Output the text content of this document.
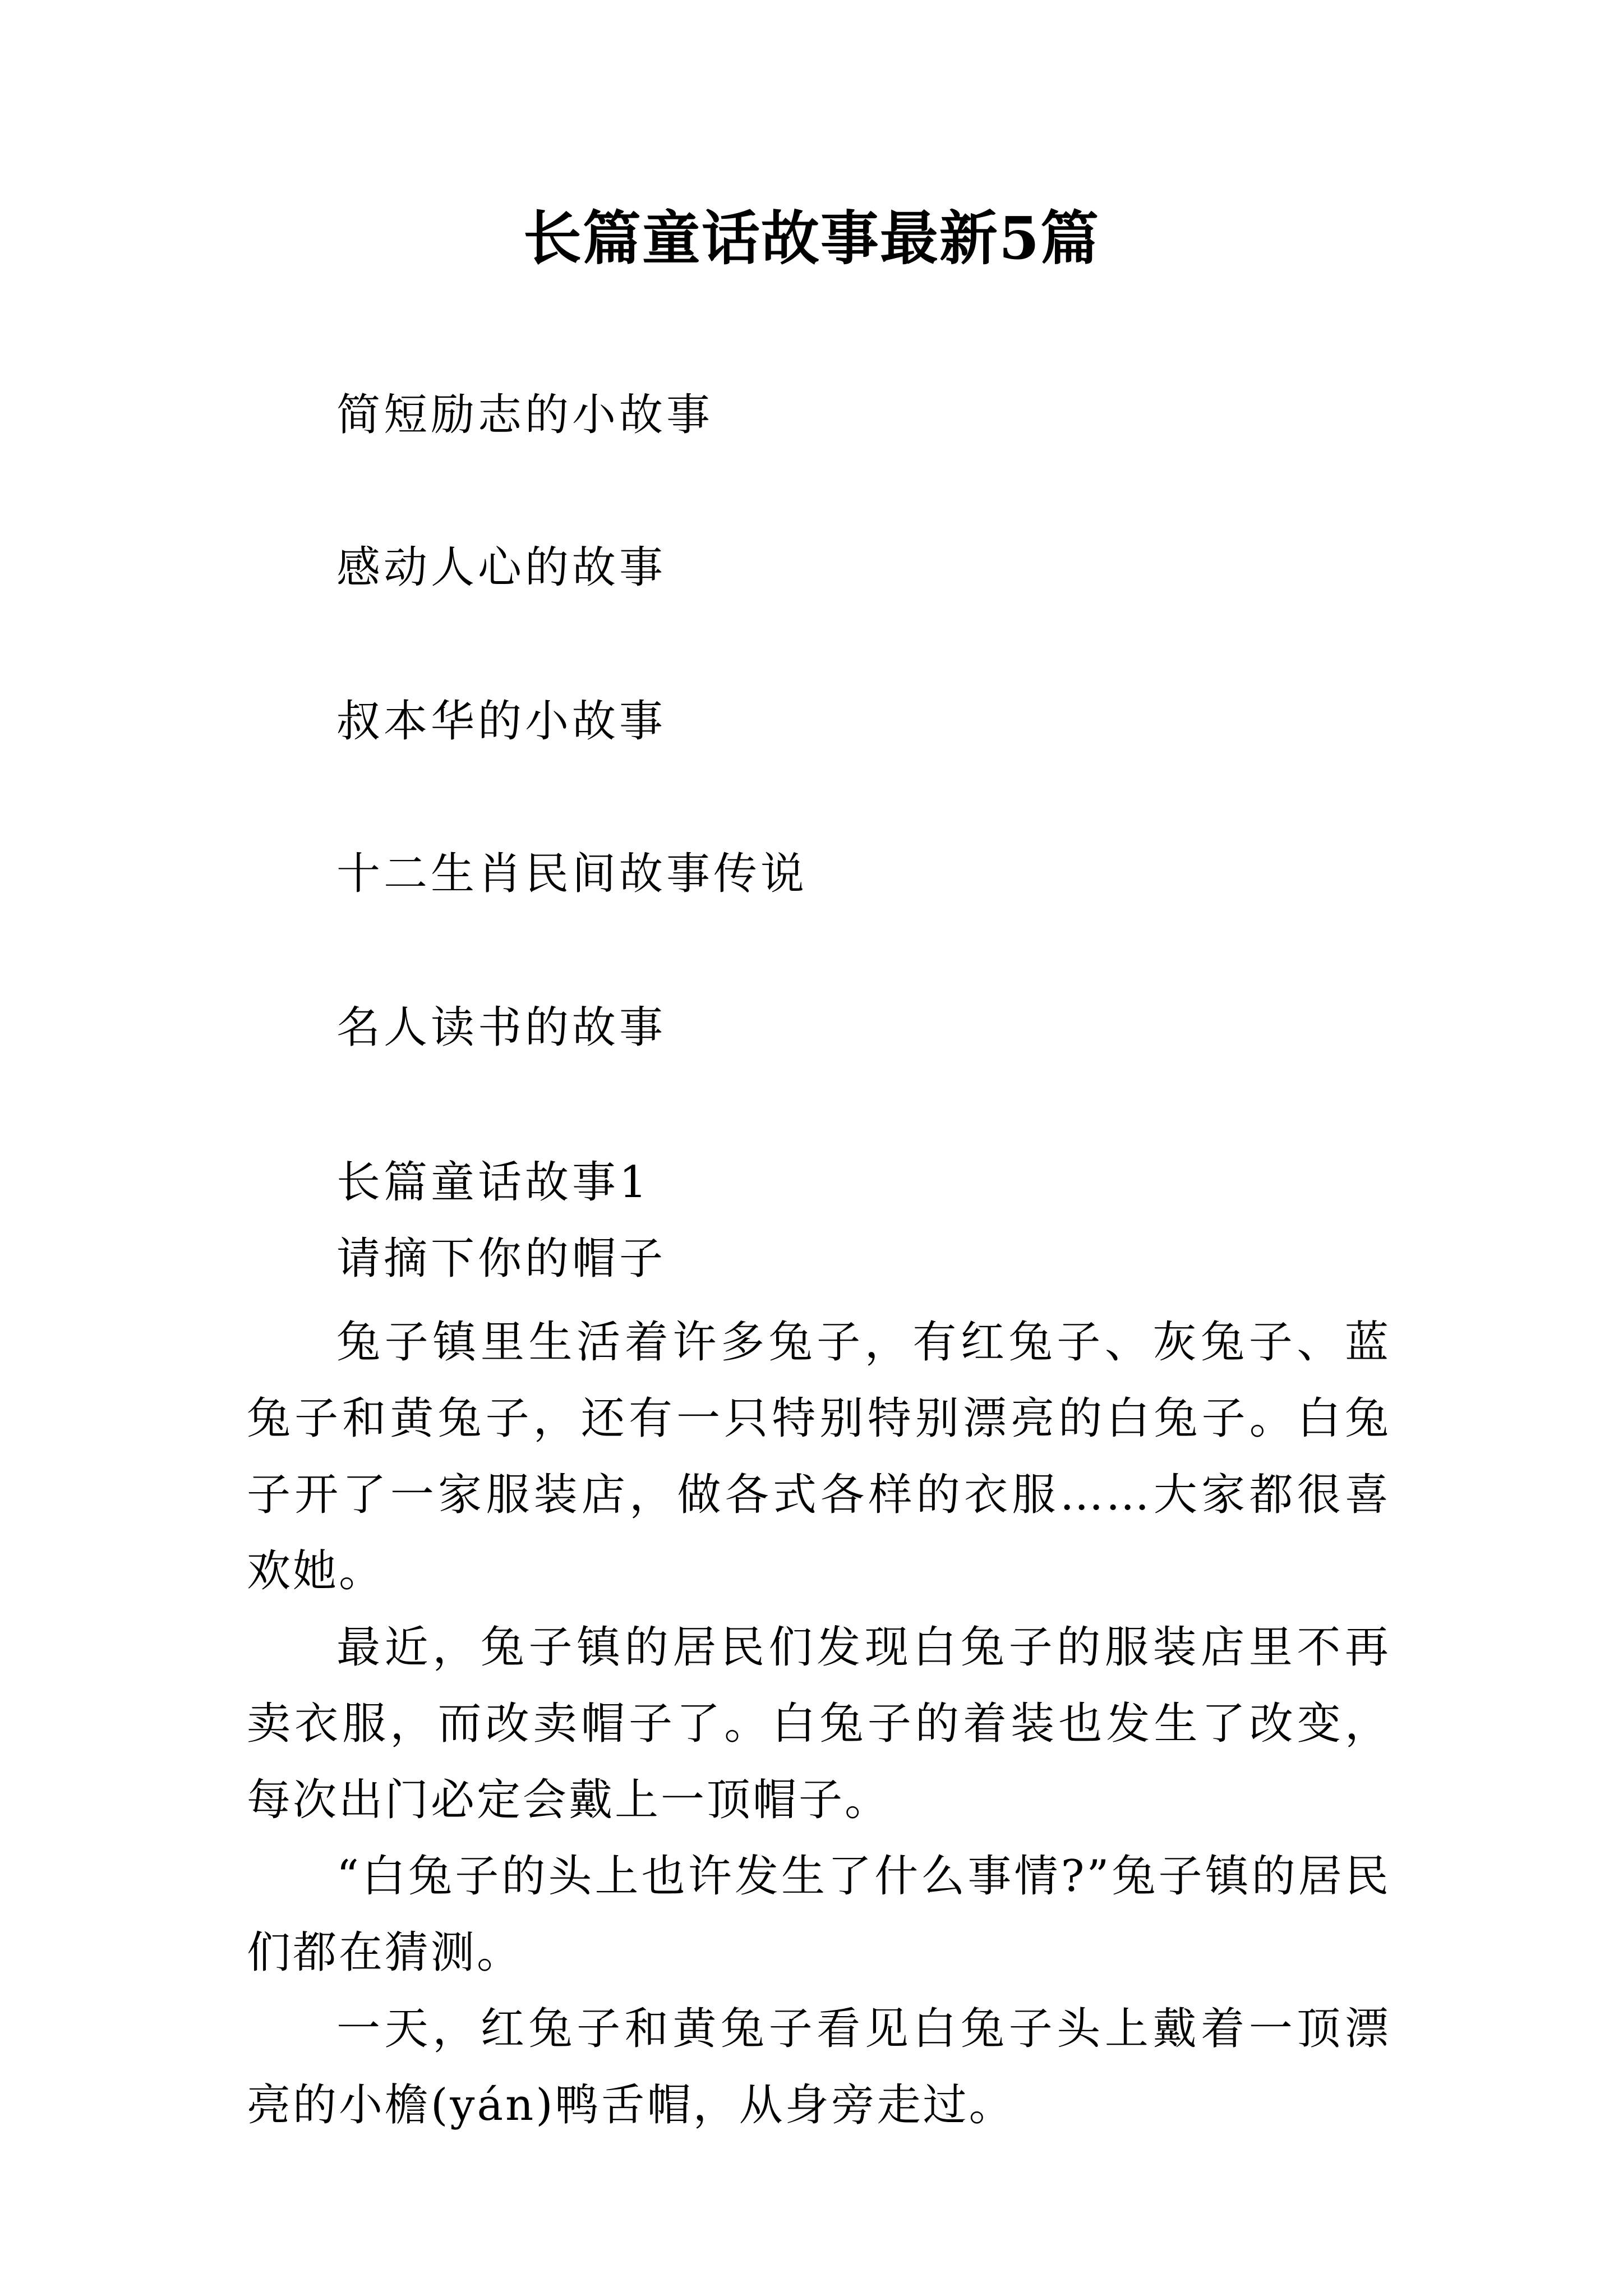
长篇童话故事最新5篇
简短励志的小故事
感动人心的故事
叔本华的小故事
十二生肖民间故事传说
名人读书的故事
长篇童话故事1
请摘下你的帽子

兔子镇里生活着许多兔子，有红兔子、灰兔子、蓝兔子和黄兔子，还有一只特别特别漂亮的白兔子。白兔子开了一家服装店，做各式各样的衣服……大家都很喜欢她。

最近，兔子镇的居民们发现白兔子的服装店里不再卖衣服，而改卖帽子了。白兔子的着装也发生了改变，每次出门必定会戴上一顶帽子。

“白兔子的头上也许发生了什么事情?”兔子镇的居民们都在猜测。

一天，红兔子和黄兔子看见白兔子头上戴着一顶漂亮的小檐(yán)鸭舌帽，从身旁走过。
